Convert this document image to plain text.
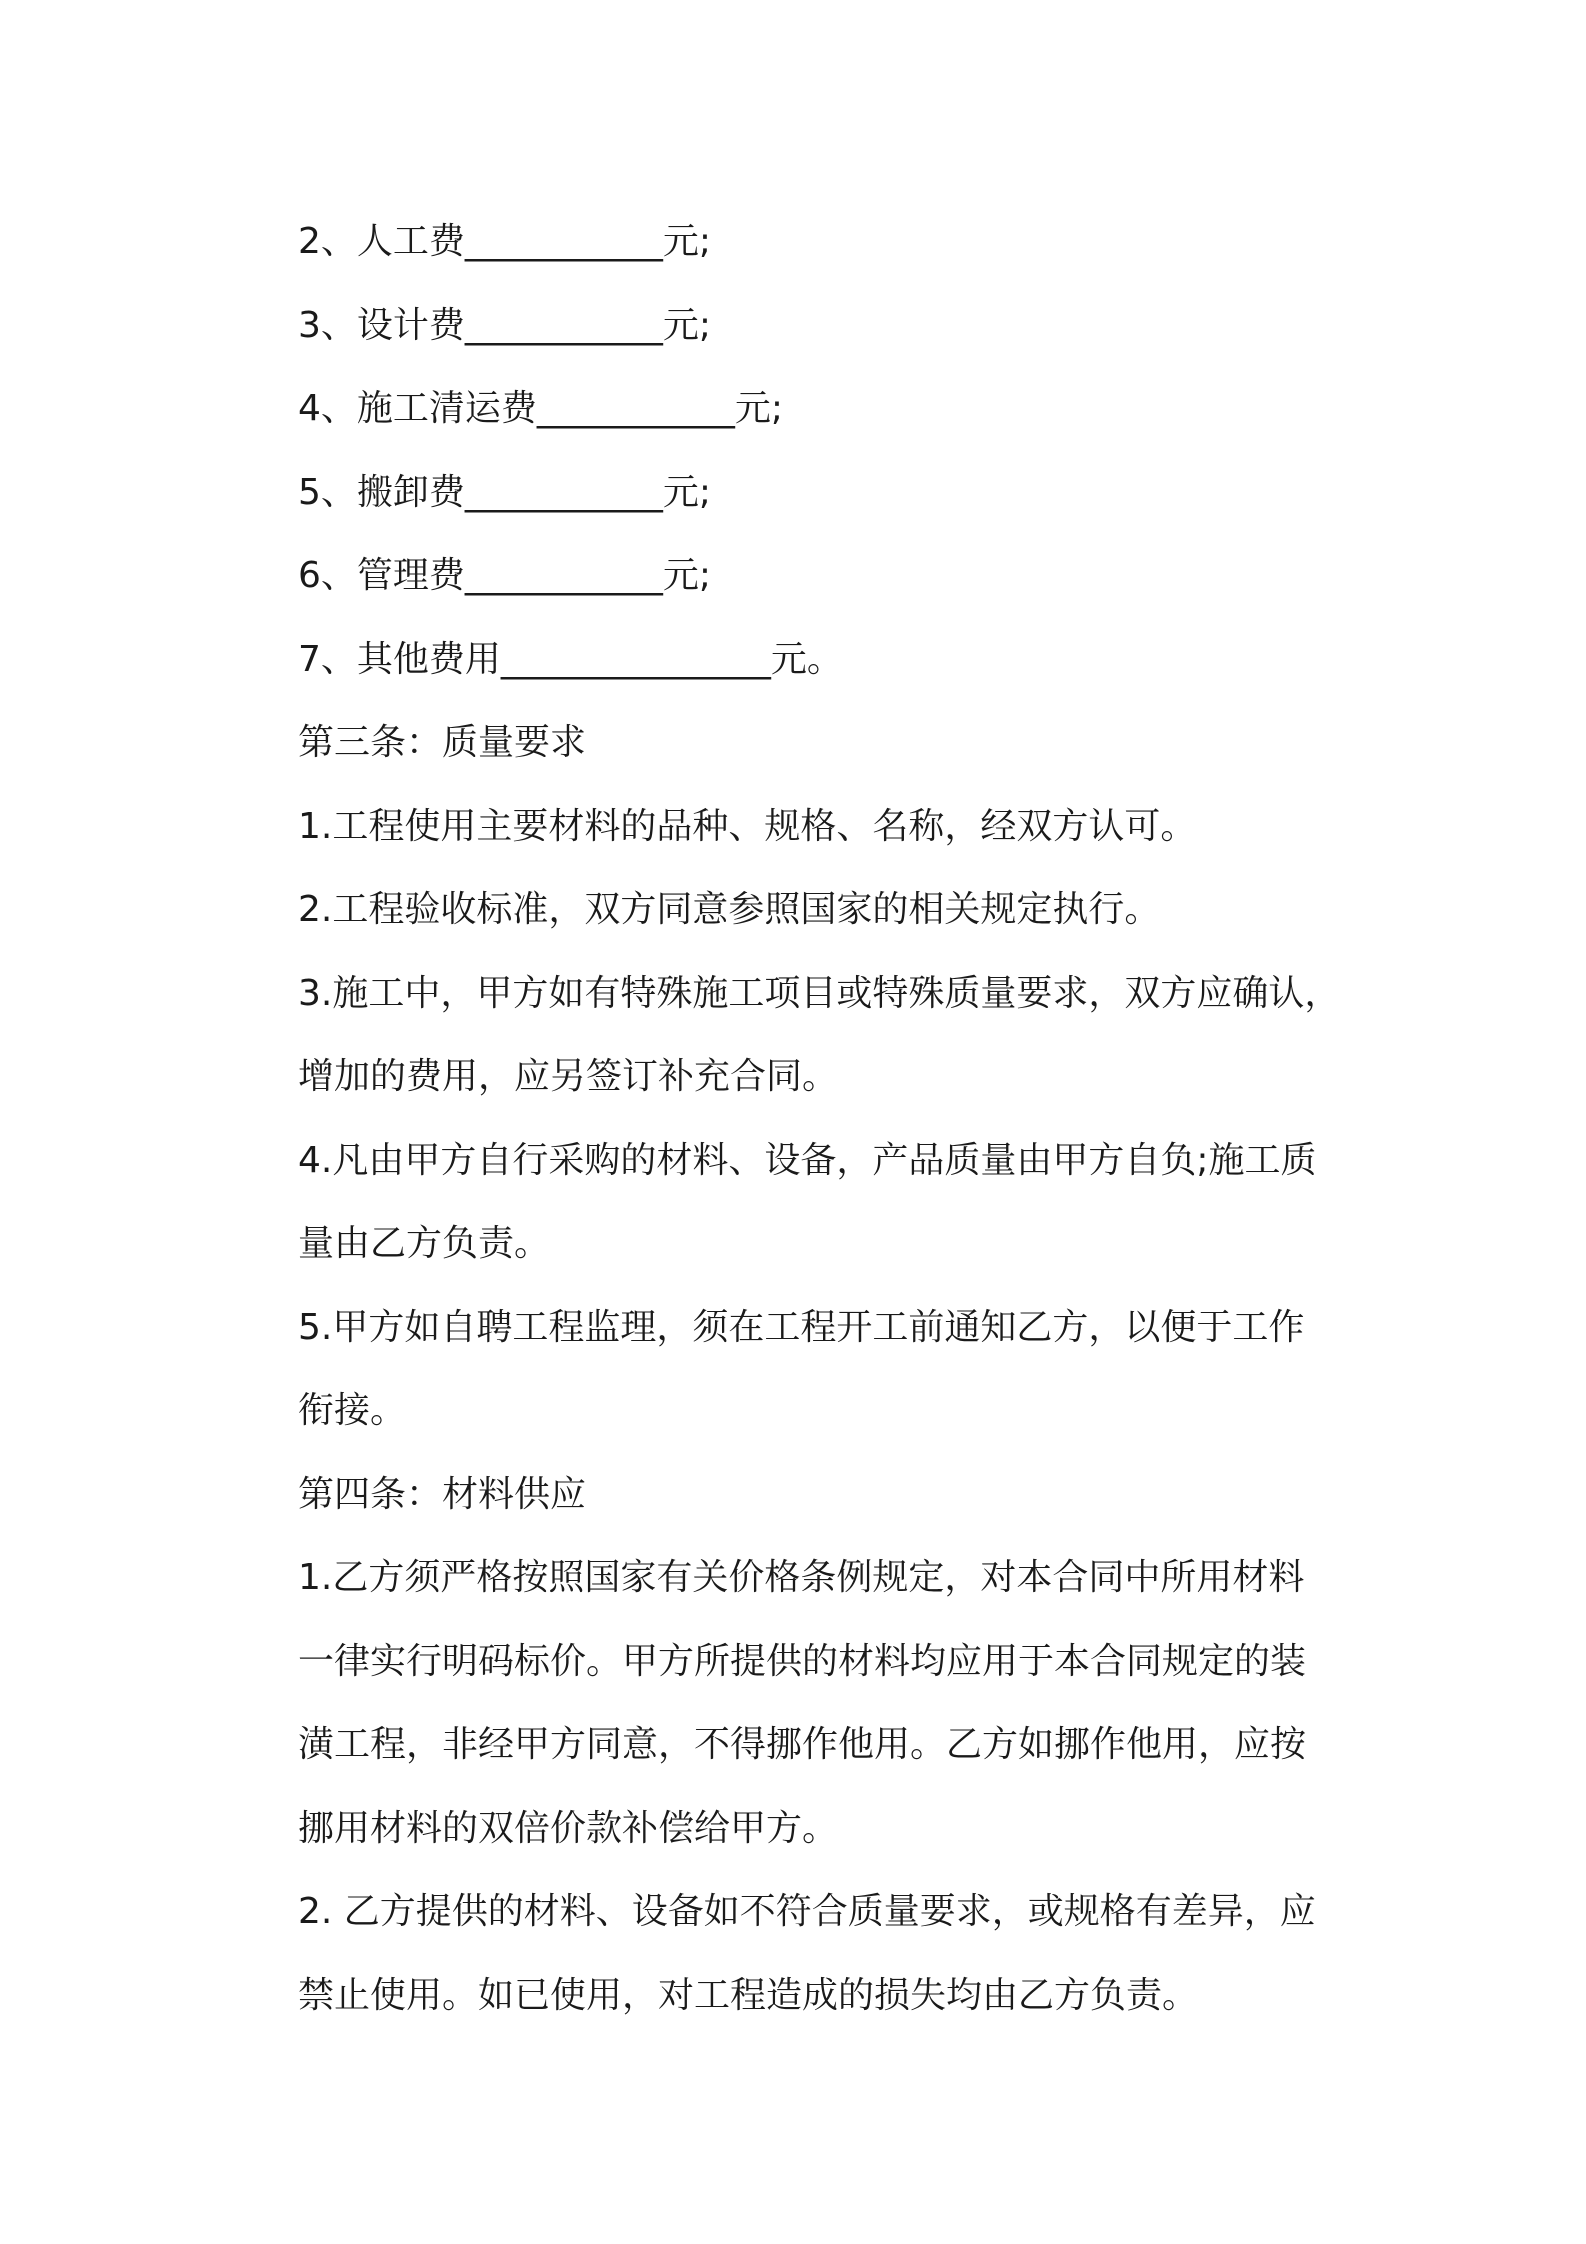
2、人工费___________元;
3、设计费___________元;
4、施工清运费___________元;
5、搬卸费___________元;
6、管理费___________元;
7、其他费用_______________元。
第三条：质量要求
1.工程使用主要材料的品种、规格、名称，经双方认可。
2.工程验收标准，双方同意参照国家的相关规定执行。
3.施工中，甲方如有特殊施工项目或特殊质量要求，双方应确认，
增加的费用，应另签订补充合同。
4.凡由甲方自行采购的材料、设备，产品质量由甲方自负;施工质
量由乙方负责。
5.甲方如自聘工程监理，须在工程开工前通知乙方，以便于工作
衔接。
第四条：材料供应
1.乙方须严格按照国家有关价格条例规定，对本合同中所用材料
一律实行明码标价。甲方所提供的材料均应用于本合同规定的装
潢工程，非经甲方同意，不得挪作他用。乙方如挪作他用，应按
挪用材料的双倍价款补偿给甲方。
2. 乙方提供的材料、设备如不符合质量要求，或规格有差异，应
禁止使用。如已使用，对工程造成的损失均由乙方负责。
